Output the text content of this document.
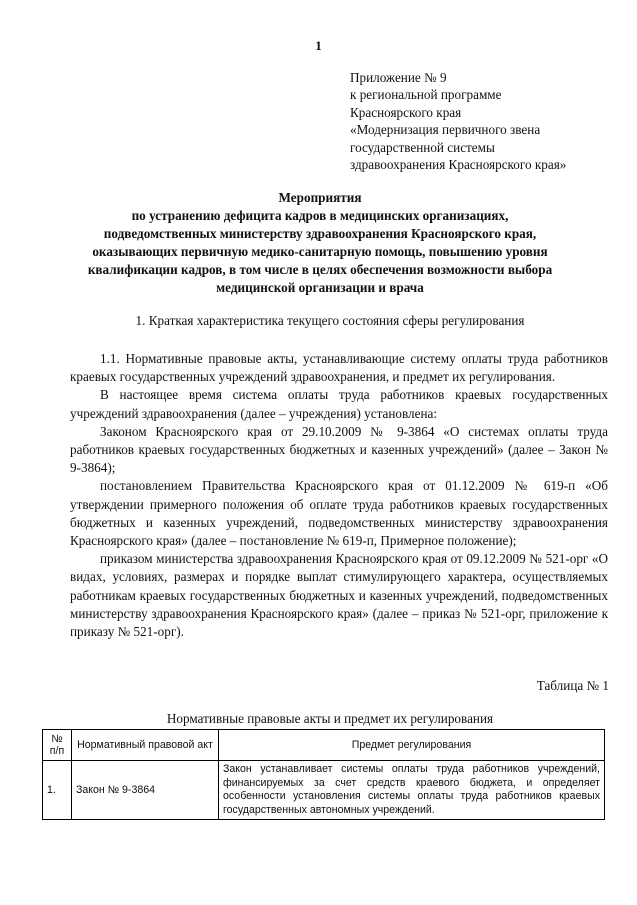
1
Приложение № 9
к региональной программе
Красноярского края
«Модернизация первичного звена
государственной системы
здравоохранения Красноярского края»
Мероприятия
по устранению дефицита кадров в медицинских организациях,
подведомственных министерству здравоохранения Красноярского края,
оказывающих первичную медико-санитарную помощь, повышению уровня
квалификации кадров, в том числе в целях обеспечения возможности выбора
медицинской организации и врача
1. Краткая характеристика текущего состояния сферы регулирования

1.1. Нормативные правовые акты, устанавливающие систему оплаты труда работников краевых государственных учреждений здравоохранения, и предмет их регулирования.

В настоящее время система оплаты труда работников краевых государственных учреждений здравоохранения (далее – учреждения) установлена:

Законом Красноярского края от 29.10.2009 № 9-3864 «О системах оплаты труда работников краевых государственных бюджетных и казенных учреждений» (далее – Закон № 9-3864);

постановлением Правительства Красноярского края от 01.12.2009 № 619-п «Об утверждении примерного положения об оплате труда работников краевых государственных бюджетных и казенных учреждений, подведомственных министерству здравоохранения Красноярского края» (далее – постановление № 619-п, Примерное положение);

приказом министерства здравоохранения Красноярского края от 09.12.2009 № 521-орг «О видах, условиях, размерах и порядке выплат стимулирующего характера, осуществляемых работникам краевых государственных бюджетных и казенных учреждений, подведомственных министерству здравоохранения Красноярского края» (далее – приказ № 521-орг, приложение к приказу № 521-орг).

Таблица № 1
Нормативные правовые акты и предмет их регулирования
№ п/п	Нормативный правовой акт	Предмет регулирования
1.	Закон № 9-3864	Закон устанавливает системы оплаты труда работников учреждений, финансируемых за счет средств краевого бюджета, и определяет особенности установления системы оплаты труда работников краевых государственных автономных учреждений.
